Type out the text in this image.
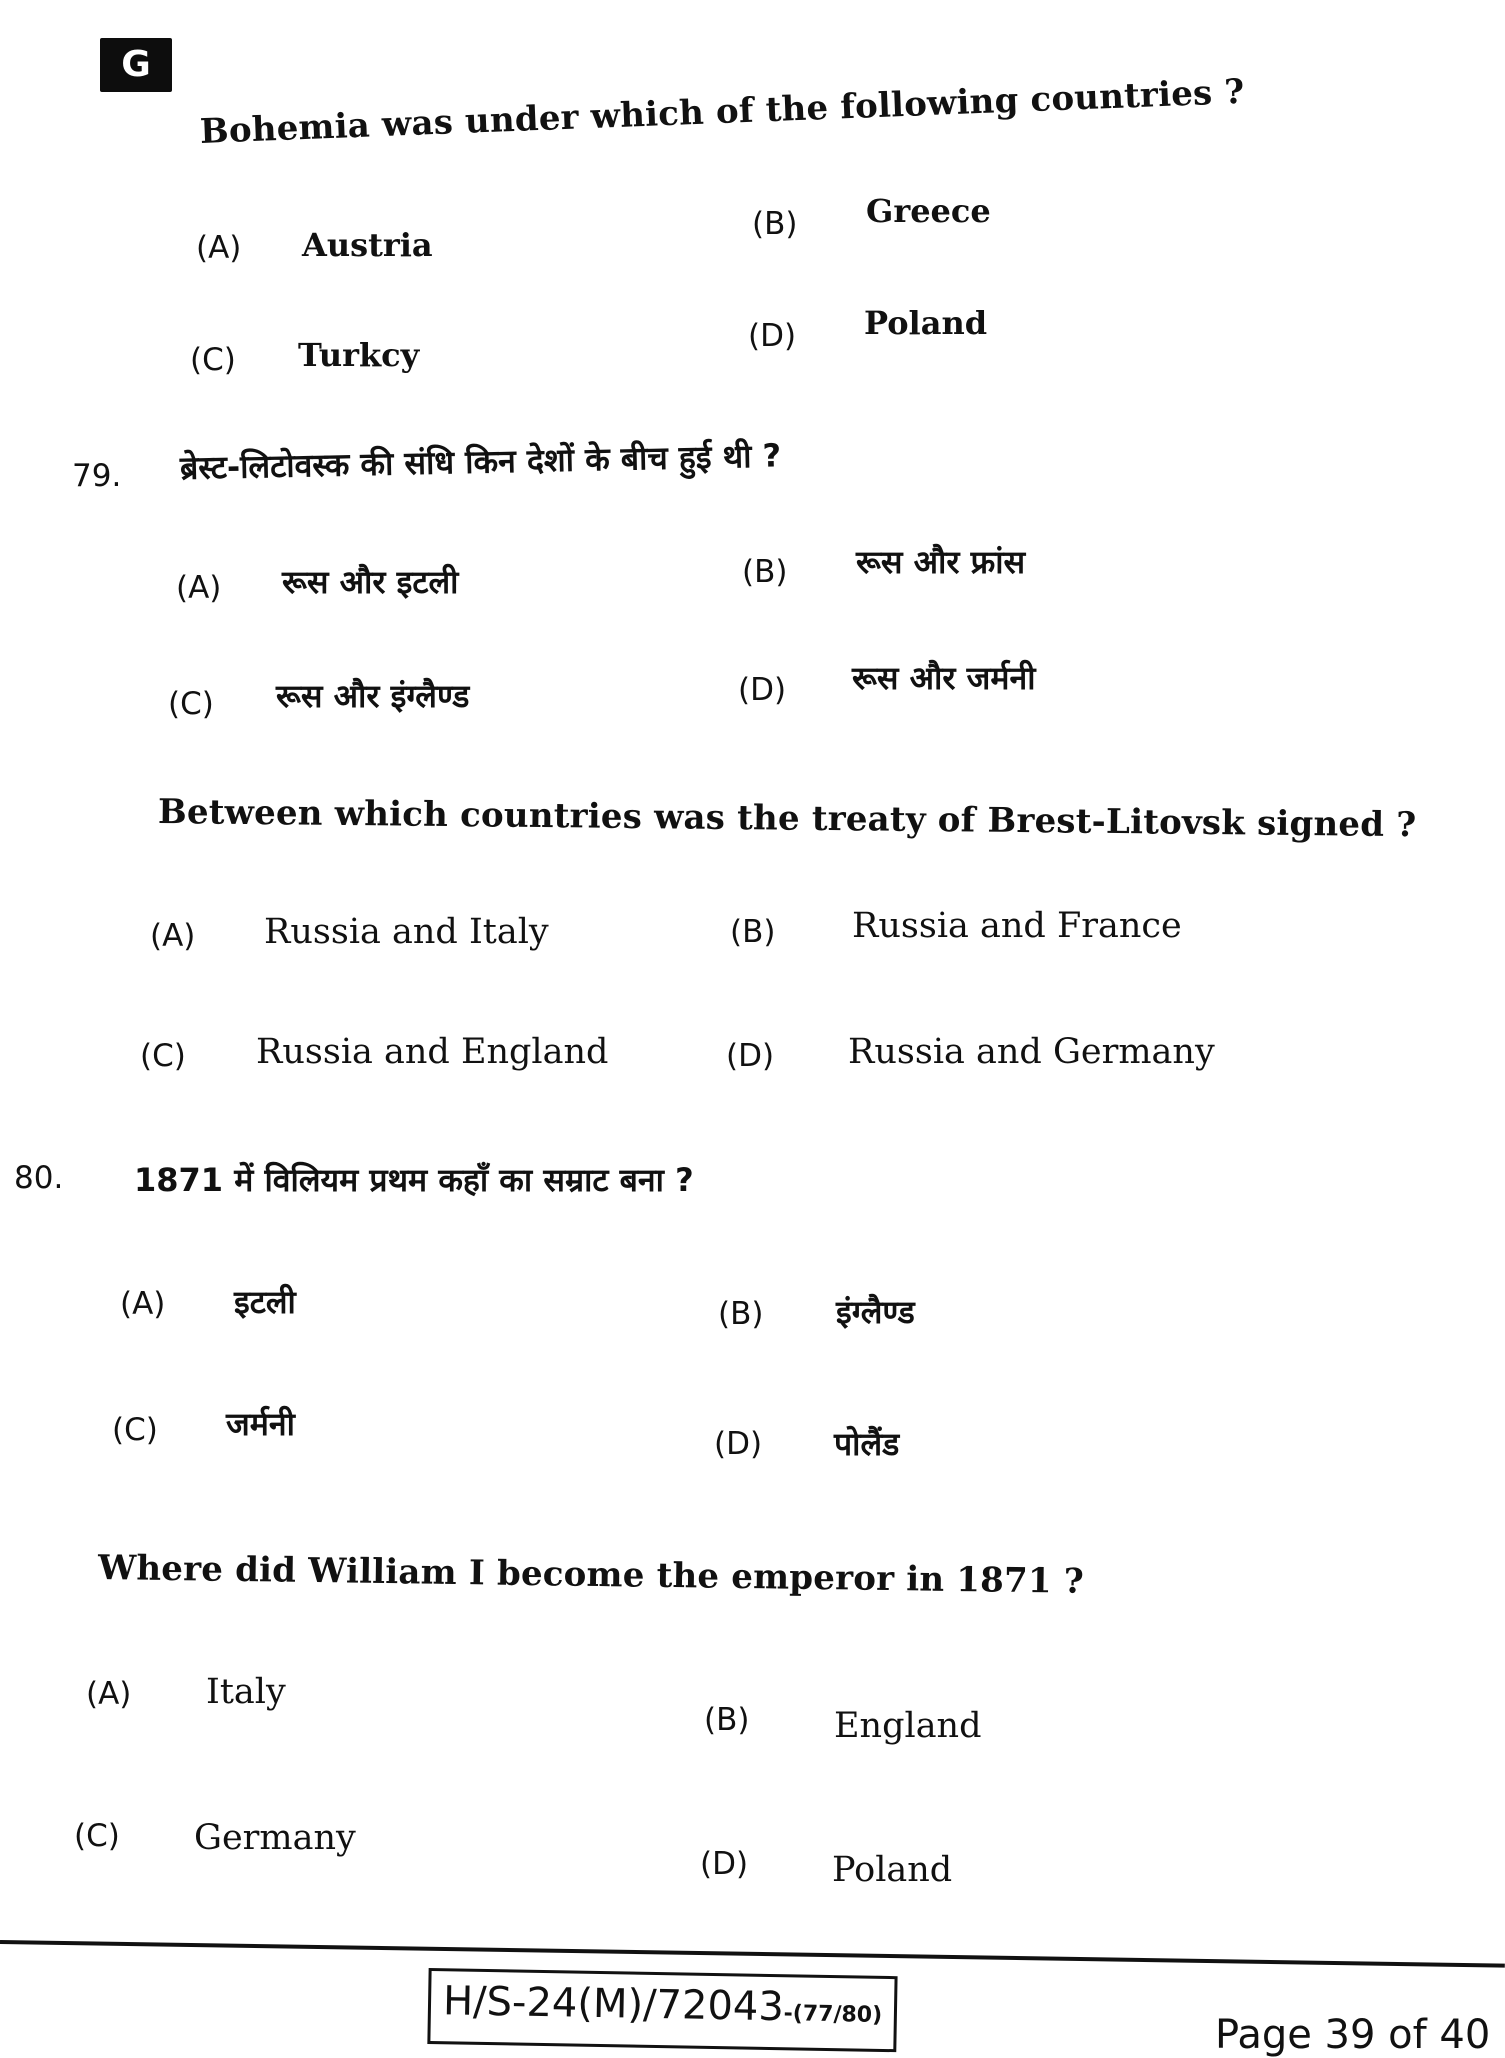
G
Bohemia was under which of the following countries ?
(A) Austria
(B) Greece
(C) Turkcy	(D) Poland
79. ब्रेस्ट-लिटोवस्क की संधि किन देशों के बीच हुई थी ?
(A) रूस और इटली	(B) रूस और फ्रांस
(C) रूस और इंग्लैण्ड	(D) रूस और जर्मनी
Between which countries was the treaty of Brest-Litovsk signed ?
(A) Russia and Italy	(B) Russia and France
(C) Russia and England	(D) Russia and Germany
80. 1871 में विलियम प्रथम कहाँ का सम्राट बना ?
(A) इटली	(B) इंग्लैण्ड
(C) जर्मनी
(D) पोलैंड
Where did William I become the emperor in 1871 ?
(A) Italy
(B) England
(C) Germany
(D) Poland
H/S-24(M)/72043-(77/80)	Page 39 of 40
